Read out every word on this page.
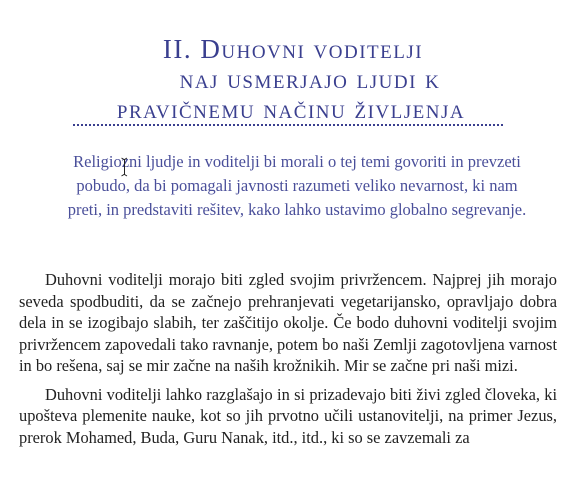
II. Duhovni voditelji
naj usmerjajo ljudi k
pravičnemu načinu življenja
Religiozni ljudje in voditelji bi morali o tej temi govoriti in prevzeti pobudo, da bi pomagali javnosti razumeti veliko nevarnost, ki nam preti, in predstaviti rešitev, kako lahko ustavimo globalno segrevanje.

Duhovni voditelji morajo biti zgled svojim privržencem. Najprej jih morajo seveda spodbuditi, da se začnejo prehranjevati vegetarijansko, opravljajo dobra dela in se izogibajo slabih, ter zaščitijo okolje. Če bodo duhovni voditelji svojim privržencem zapovedali tako ravnanje, potem bo naši Zemlji zagotovljena varnost in bo rešena, saj se mir začne na naših krožnikih. Mir se začne pri naši mizi.

Duhovni voditelji lahko razglašajo in si prizadevajo biti živi zgled človeka, ki upošteva plemenite nauke, kot so jih prvotno učili ustanovitelji, na primer Jezus, prerok Mohamed, Buda, Guru Nanak, itd., itd., ki so se zavzemali za
